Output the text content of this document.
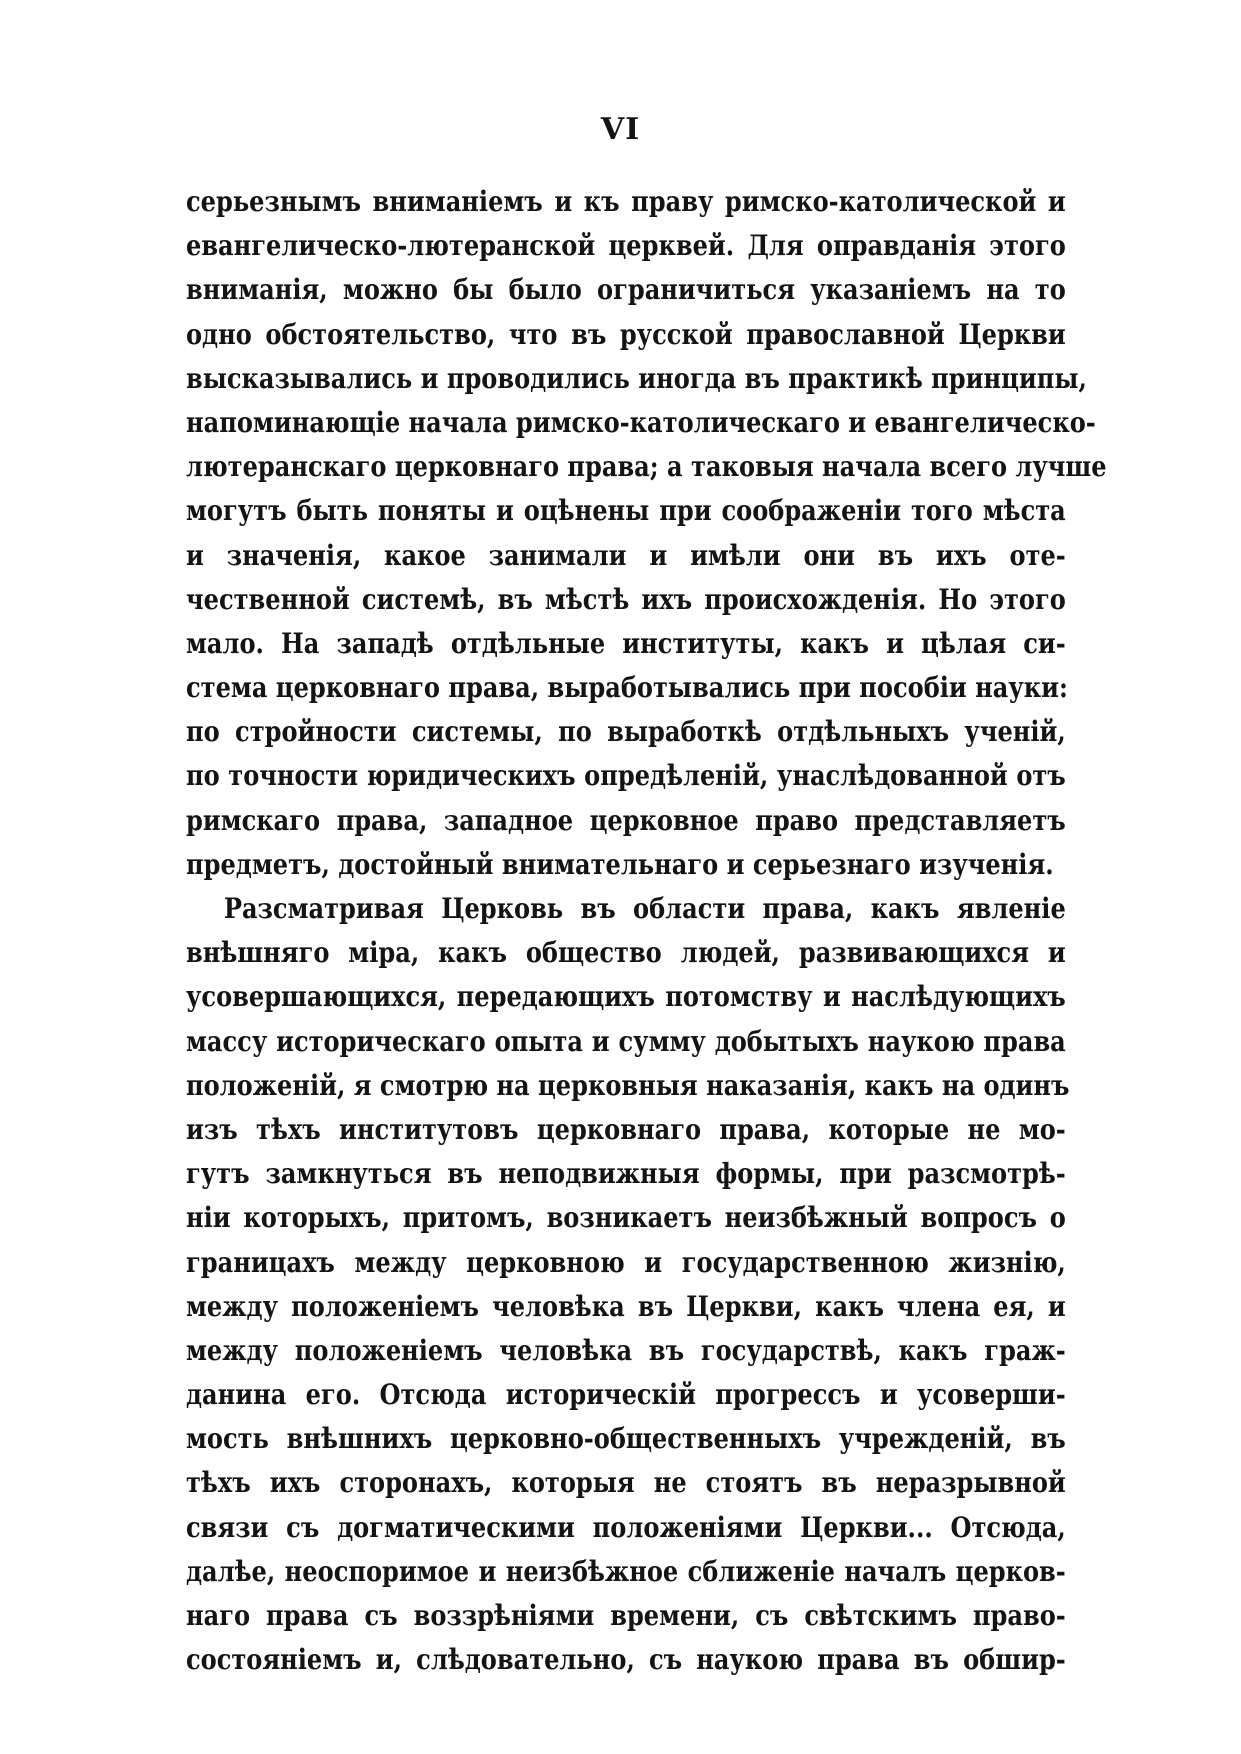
VI
серьезнымъ вниманіемъ и къ праву римско-католической и
евангелическо-лютеранской церквей. Для оправданія этого
вниманія, можно бы было ограничиться указаніемъ на то
одно обстоятельство, что въ русской православной Церкви
высказывались и проводились иногда въ практикѣ принципы,
напоминающіе начала римско-католическаго и евангелическо-
лютеранскаго церковнаго права; а таковыя начала всего лучше
могутъ быть поняты и оцѣнены при соображеніи того мѣста
и значенія, какое занимали и имѣли они въ ихъ оте-
чественной системѣ, въ мѣстѣ ихъ происхожденія. Но этого
мало. На западѣ отдѣльные институты, какъ и цѣлая си-
стема церковнаго права, выработывались при пособіи науки:
по стройности системы, по выработкѣ отдѣльныхъ ученій,
по точности юридическихъ опредѣленій, унаслѣдованной отъ
римскаго права, западное церковное право представляетъ
предметъ, достойный внимательнаго и серьезнаго изученія.
Разсматривая Церковь въ области права, какъ явленіе
внѣшняго міра, какъ общество людей, развивающихся и
усовершающихся, передающихъ потомству и наслѣдующихъ
массу историческаго опыта и сумму добытыхъ наукою права
положеній, я смотрю на церковныя наказанія, какъ на одинъ
изъ тѣхъ институтовъ церковнаго права, которые не мо-
гутъ замкнуться въ неподвижныя формы, при разсмотрѣ-
ніи которыхъ, притомъ, возникаетъ неизбѣжный вопросъ о
границахъ между церковною и государственною жизнію,
между положеніемъ человѣка въ Церкви, какъ члена ея, и
между положеніемъ человѣка въ государствѣ, какъ граж-
данина его. Отсюда историческій прогрессъ и усоверши-
мость внѣшнихъ церковно-общественныхъ учрежденій, въ
тѣхъ ихъ сторонахъ, которыя не стоятъ въ неразрывной
связи съ догматическими положеніями Церкви... Отсюда,
далѣе, неоспоримое и неизбѣжное сближеніе началъ церков-
наго права съ воззрѣніями времени, съ свѣтскимъ право-
состояніемъ и, слѣдовательно, съ наукою права въ обшир-
